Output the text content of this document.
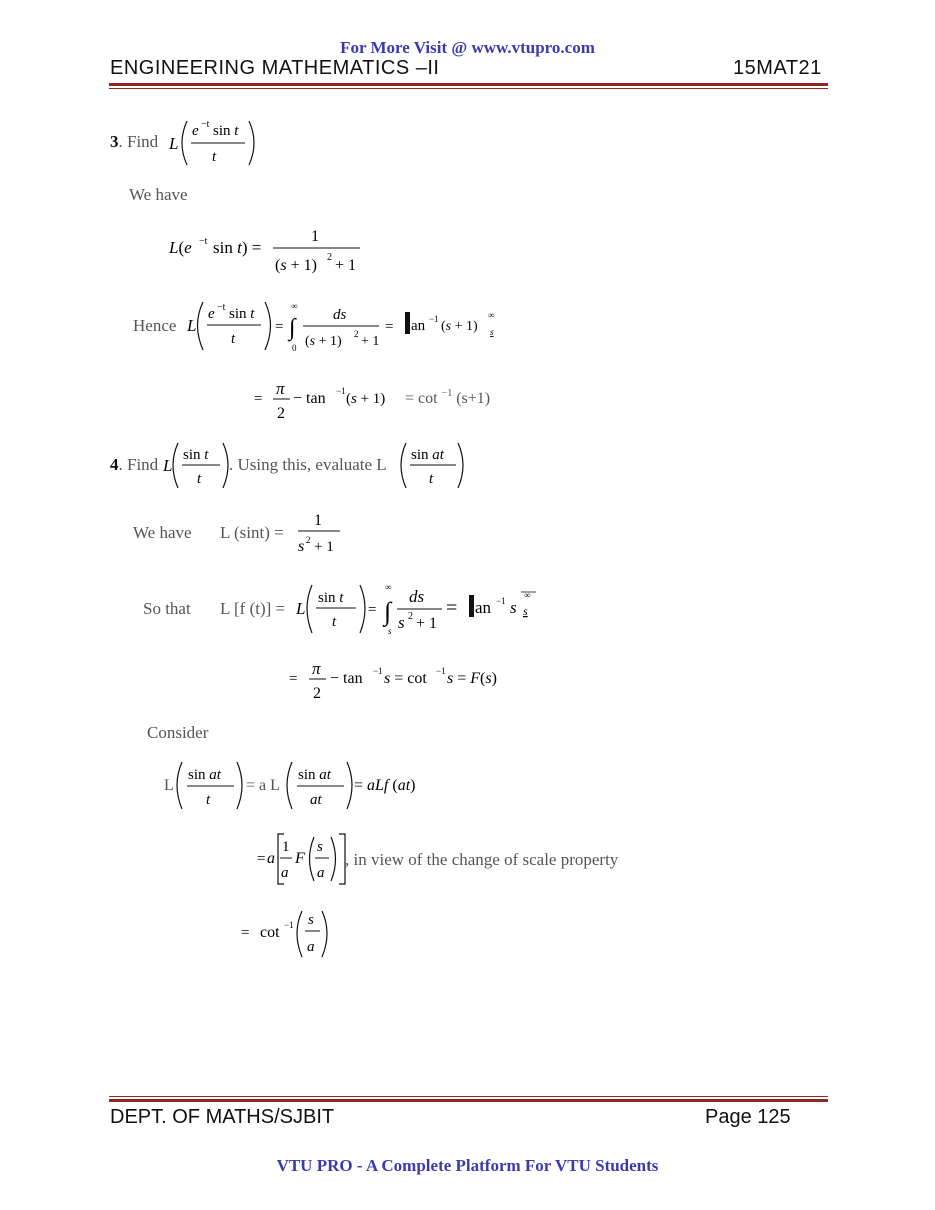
For More Visit @ www.vtupro.com
ENGINEERING MATHEMATICS –II	15MAT21
3. Find L
e −t sin t
t
We have
L(e −t sin t) =
1
(s + 1) 2 + 1
Hence L
e −t sin t
t
=
∞
∫
0
ds
(s + 1) 2 + 1
= an −1 (s + 1)
∞
s
=
π
2
− tan −1 (s + 1) = cot $^{-1}$ (s+1)
4. Find L
sin t
t
. Using this, evaluate L sin at
t
We have L (sint) =
1
s 2 + 1
So that L [f (t)] = L
sin t
t
=
∞
∫
s
ds
s 2 + 1
= an −1 s
∞
s
=
π
2
− tan −1 s = cot −1 s = F(s)
Consider
L
sin at
t
= a L
sin at
at
= aLf (at)
= a
1
a
F
s
a
, in view of the change of scale property
= cot −1 s
a
DEPT. OF MATHS/SJBIT	Page 125
VTU PRO - A Complete Platform For VTU Students
